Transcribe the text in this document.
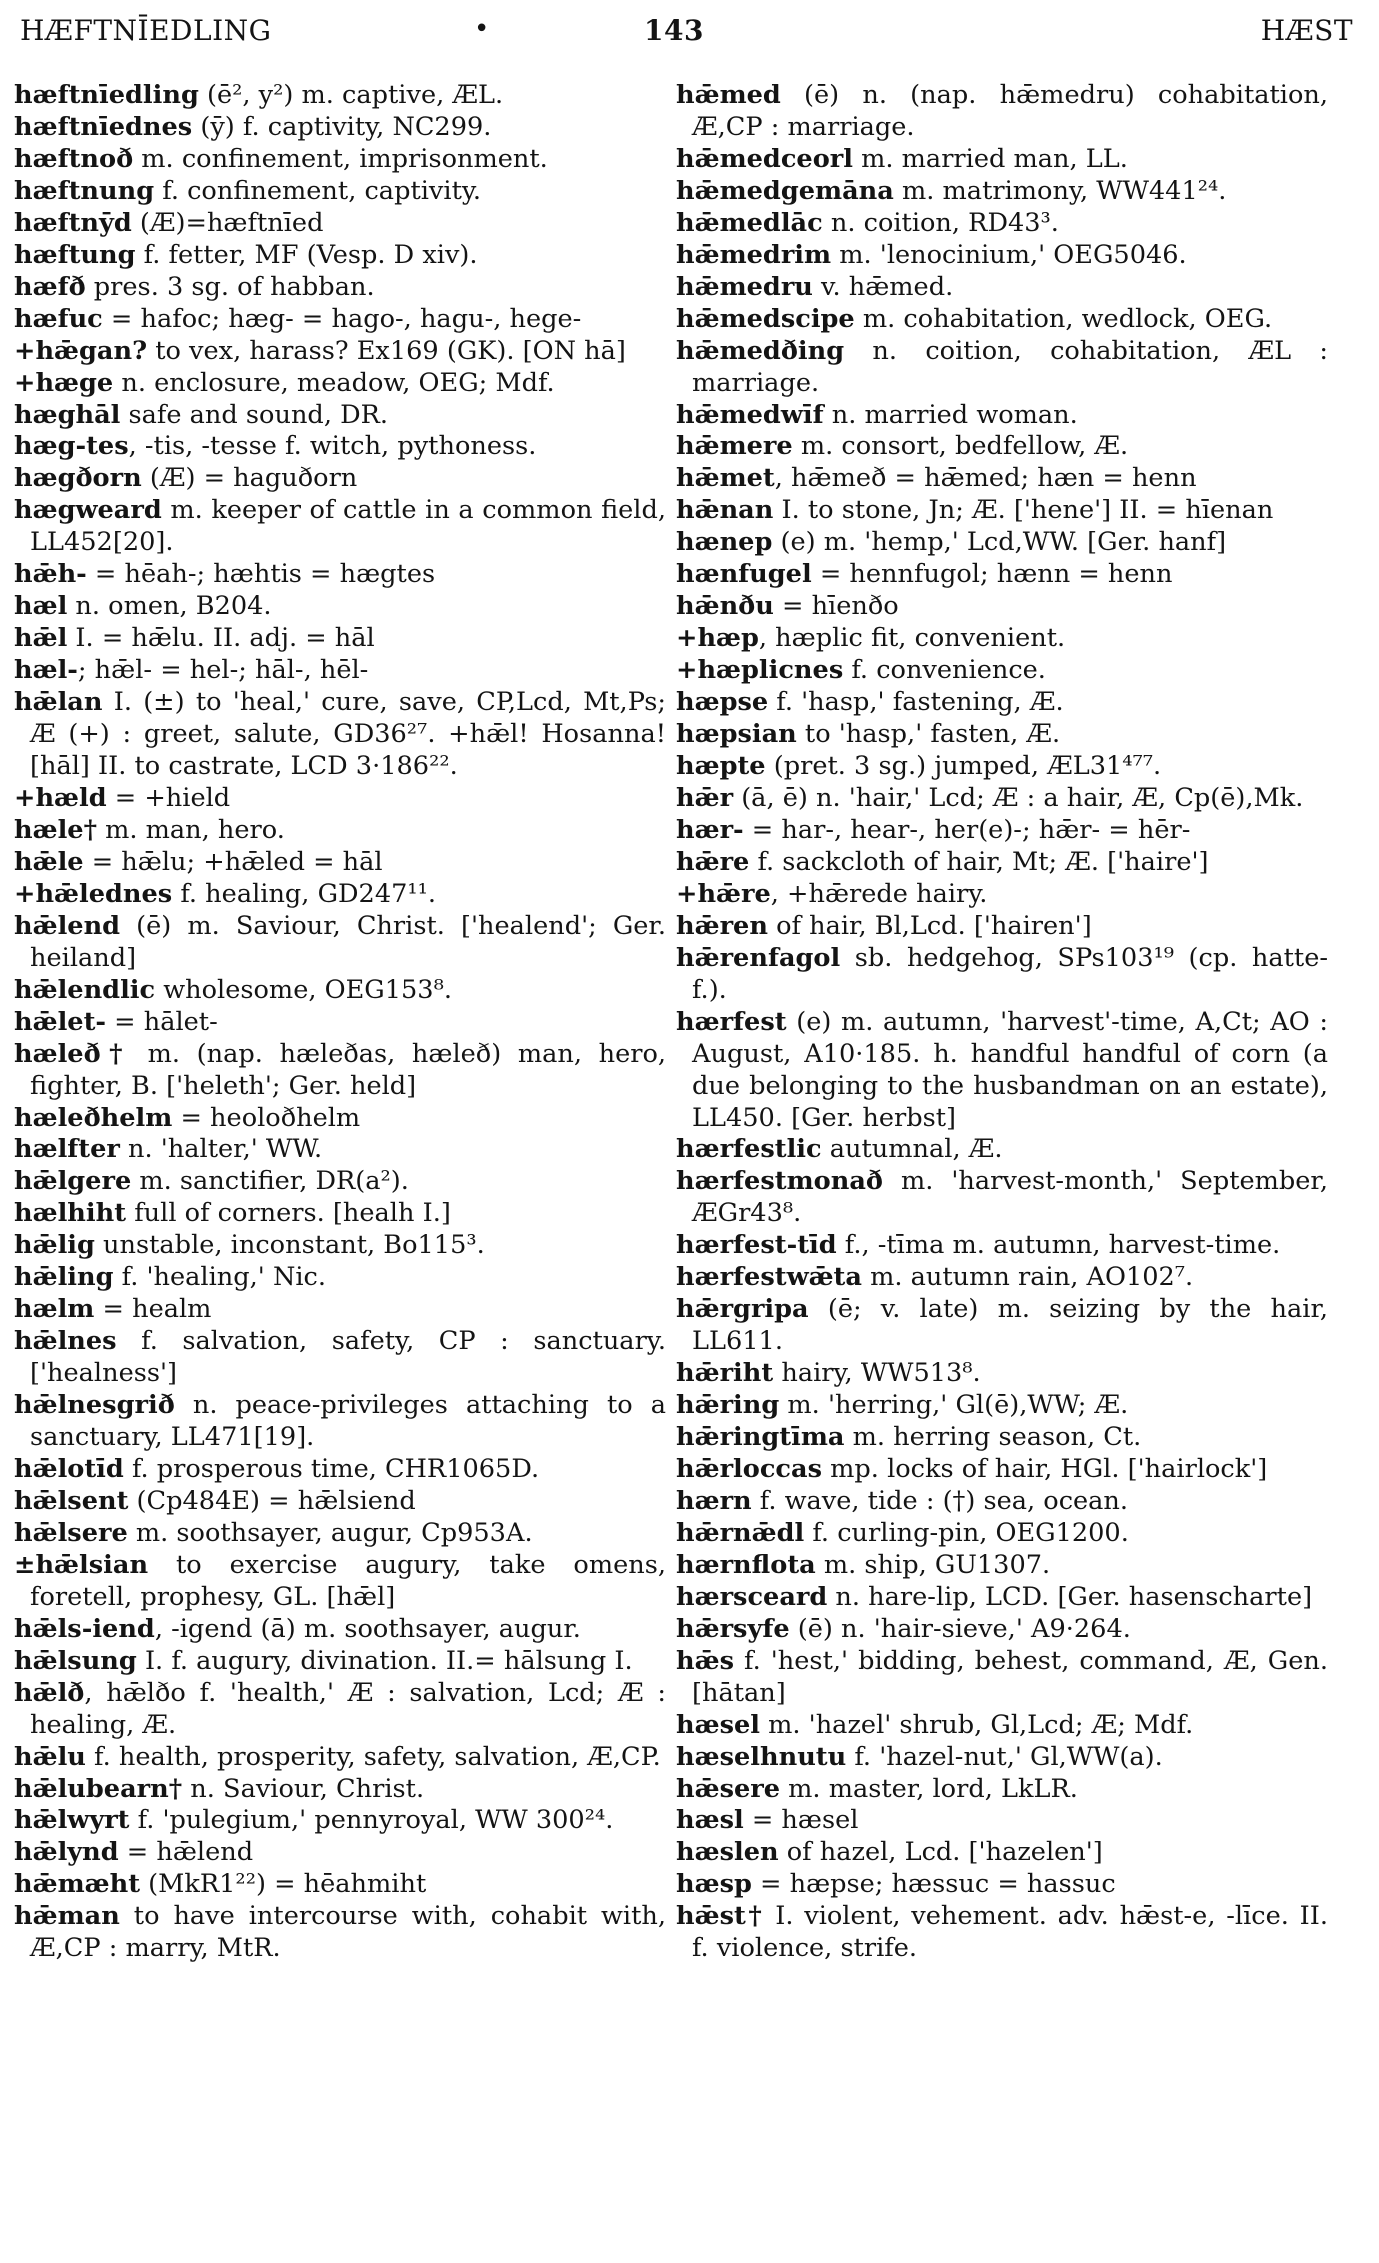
HÆFTNĪEDLING	•	143	HÆST
hæftnīedling (ē², y²) m. captive, ÆL.
hæftnīednes (ȳ) f. captivity, NC299.
hæftnoð m. confinement, imprisonment.
hæftnung f. confinement, captivity.
hæftnȳd (Æ)=hæftnīed
hæftung f. fetter, MF (Vesp. D xiv).
hæfð pres. 3 sg. of habban.
hæfuc = hafoc; hæg- = hago-, hagu-, hege-
+hǣgan? to vex, harass? Ex169 (GK). [ON hā]
+hæge n. enclosure, meadow, OEG; Mdf.
hæghāl safe and sound, DR.
hæg-tes, -tis, -tesse f. witch, pythoness.
hægðorn (Æ) = haguðorn
hægweard m. keeper of cattle in a common field, LL452[20].
hǣh- = hēah-; hæhtis = hægtes
hæl n. omen, B204.
hǣl I. = hǣlu. II. adj. = hāl
hæl-; hǣl- = hel-; hāl-, hēl-
hǣlan I. (±) to 'heal,' cure, save, CP,Lcd, Mt,Ps; Æ (+) : greet, salute, GD36²⁷. +hǣl! Hosanna! [hāl] II. to castrate, LCD 3·186²².
+hæld = +hield
hæle† m. man, hero.
hǣle = hǣlu; +hǣled = hāl
+hǣlednes f. healing, GD247¹¹.
hǣlend (ē) m. Saviour, Christ. ['healend'; Ger. heiland]
hǣlendlic wholesome, OEG153⁸.
hǣlet- = hālet-
hæleð† m. (nap. hæleðas, hæleð) man, hero, fighter, B. ['heleth'; Ger. held]
hæleðhelm = heoloðhelm
hælfter n. 'halter,' WW.
hǣlgere m. sanctifier, DR(a²).
hælhiht full of corners. [healh I.]
hǣlig unstable, inconstant, Bo115³.
hǣling f. 'healing,' Nic.
hælm = healm
hǣlnes f. salvation, safety, CP : sanctuary. ['healness']
hǣlnesgrið n. peace-privileges attaching to a sanctuary, LL471[19].
hǣlotīd f. prosperous time, CHR1065D.
hǣlsent (Cp484E) = hǣlsiend
hǣlsere m. soothsayer, augur, Cp953A.
±hǣlsian to exercise augury, take omens, foretell, prophesy, GL. [hǣl]
hǣls-iend, -igend (ā) m. soothsayer, augur.
hǣlsung I. f. augury, divination. II.= hālsung I.
hǣlð, hǣlðo f. 'health,' Æ : salvation, Lcd; Æ : healing, Æ.
hǣlu f. health, prosperity, safety, salvation, Æ,CP.
hǣlubearn† n. Saviour, Christ.
hǣlwyrt f. 'pulegium,' pennyroyal, WW 300²⁴.
hǣlynd = hǣlend
hǣmæht (MkR1²²) = hēahmiht
hǣman to have intercourse with, cohabit with, Æ,CP : marry, MtR.
hǣmed (ē) n. (nap. hǣmedru) cohabitation, Æ,CP : marriage.
hǣmedceorl m. married man, LL.
hǣmedgemāna m. matrimony, WW441²⁴.
hǣmedlāc n. coition, RD43³.
hǣmedrim m. 'lenocinium,' OEG5046.
hǣmedru v. hǣmed.
hǣmedscipe m. cohabitation, wedlock, OEG.
hǣmedðing n. coition, cohabitation, ÆL : marriage.
hǣmedwīf n. married woman.
hǣmere m. consort, bedfellow, Æ.
hǣmet, hǣmeð = hǣmed; hæn = henn
hǣnan I. to stone, Jn; Æ. ['hene'] II. = hīenan
hænep (e) m. 'hemp,' Lcd,WW. [Ger. hanf]
hænfugel = hennfugol; hænn = henn
hǣnðu = hīenðo
+hæp, hæplic fit, convenient.
+hæplicnes f. convenience.
hæpse f. 'hasp,' fastening, Æ.
hæpsian to 'hasp,' fasten, Æ.
hæpte (pret. 3 sg.) jumped, ÆL31⁴⁷⁷.
hǣr (ā, ē) n. 'hair,' Lcd; Æ : a hair, Æ, Cp(ē),Mk.
hær- = har-, hear-, her(e)-; hǣr- = hēr-
hǣre f. sackcloth of hair, Mt; Æ. ['haire']
+hǣre, +hǣrede hairy.
hǣren of hair, Bl,Lcd. ['hairen']
hǣrenfagol sb. hedgehog, SPs103¹⁹ (cp. hatte-f.).
hærfest (e) m. autumn, 'harvest'-time, A,Ct; AO : August, A10·185. h. handful handful of corn (a due belonging to the husbandman on an estate), LL450. [Ger. herbst]
hærfestlic autumnal, Æ.
hærfestmonað m. 'harvest-month,' September, ÆGr43⁸.
hærfest-tīd f., -tīma m. autumn, harvest-time.
hærfestwǣta m. autumn rain, AO102⁷.
hǣrgripa (ē; v. late) m. seizing by the hair, LL611.
hǣriht hairy, WW513⁸.
hǣring m. 'herring,' Gl(ē),WW; Æ.
hǣringtīma m. herring season, Ct.
hǣrloccas mp. locks of hair, HGl. ['hairlock']
hærn f. wave, tide : (†) sea, ocean.
hǣrnǣdl f. curling-pin, OEG1200.
hærnflota m. ship, GU1307.
hærsceard n. hare-lip, LCD. [Ger. hasenscharte]
hǣrsyfe (ē) n. 'hair-sieve,' A9·264.
hǣs f. 'hest,' bidding, behest, command, Æ, Gen. [hātan]
hæsel m. 'hazel' shrub, Gl,Lcd; Æ; Mdf.
hæselhnutu f. 'hazel-nut,' Gl,WW(a).
hǣsere m. master, lord, LkLR.
hæsl = hæsel
hæslen of hazel, Lcd. ['hazelen']
hæsp = hæpse; hæssuc = hassuc
hǣst† I. violent, vehement. adv. hǣst-e, -līce. II. f. violence, strife.
